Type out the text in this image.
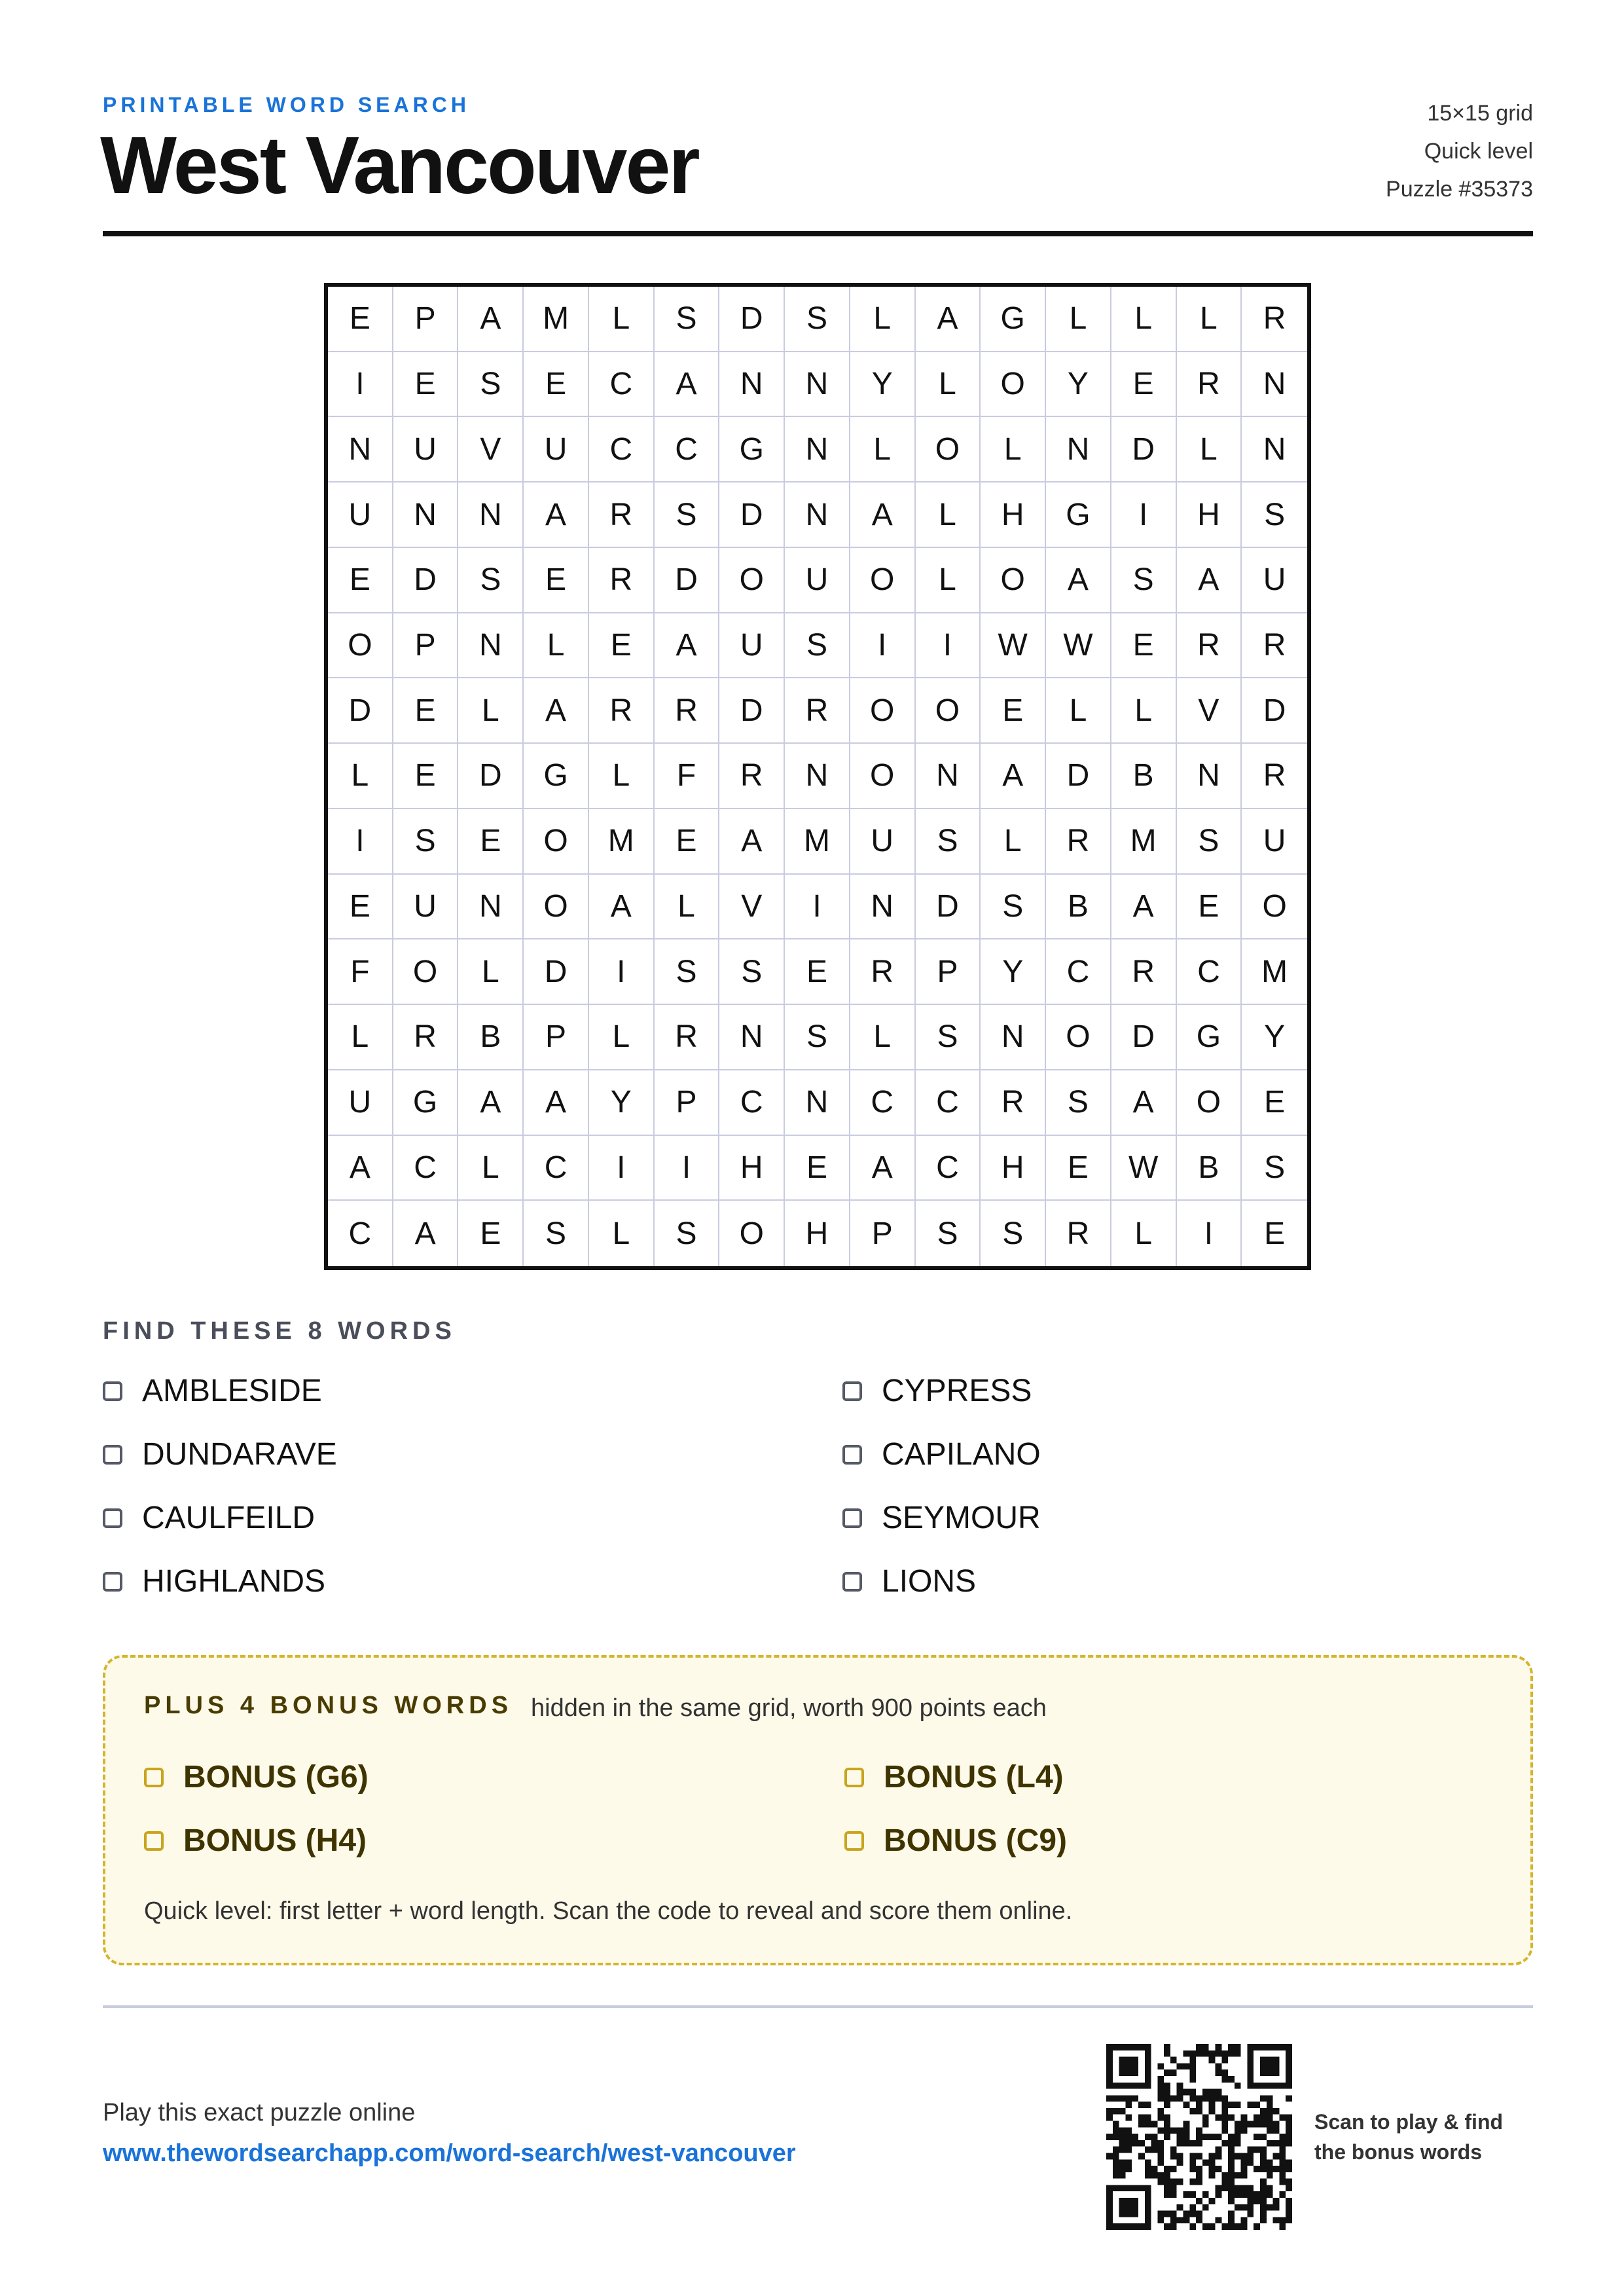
PRINTABLE WORD SEARCH
West Vancouver
15×15 grid
Quick level
Puzzle #35373
E	P	A	M	L	S	D	S	L	A	G	L	L	L	R
I	E	S	E	C	A	N	N	Y	L	O	Y	E	R	N
N	U	V	U	C	C	G	N	L	O	L	N	D	L	N
U	N	N	A	R	S	D	N	A	L	H	G	I	H	S
E	D	S	E	R	D	O	U	O	L	O	A	S	A	U
O	P	N	L	E	A	U	S	I	I	W	W	E	R	R
D	E	L	A	R	R	D	R	O	O	E	L	L	V	D
L	E	D	G	L	F	R	N	O	N	A	D	B	N	R
I	S	E	O	M	E	A	M	U	S	L	R	M	S	U
E	U	N	O	A	L	V	I	N	D	S	B	A	E	O
F	O	L	D	I	S	S	E	R	P	Y	C	R	C	M
L	R	B	P	L	R	N	S	L	S	N	O	D	G	Y
U	G	A	A	Y	P	C	N	C	C	R	S	A	O	E
A	C	L	C	I	I	H	E	A	C	H	E	W	B	S
C	A	E	S	L	S	O	H	P	S	S	R	L	I	E
FIND THESE 8 WORDS
AMBLESIDE	CYPRESS
DUNDARAVE	CAPILANO
CAULFEILD	SEYMOUR
HIGHLANDS	LIONS
PLUS 4 BONUS WORDS hidden in the same grid, worth 900 points each
BONUS (G6)	BONUS (L4)
BONUS (H4)	BONUS (C9)
Quick level: first letter + word length. Scan the code to reveal and score them online.
Play this exact puzzle online
www.thewordsearchapp.com/word-search/west-vancouver
Scan to play & find
the bonus words
